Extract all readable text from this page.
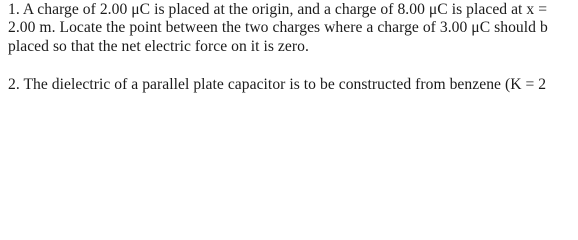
1. A charge of 2.00 μC is placed at the origin, and a charge of 8.00 μC is placed at x =
2.00 m. Locate the point between the two charges where a charge of 3.00 μC should b
placed so that the net electric force on it is zero.
2. The dielectric of a parallel plate capacitor is to be constructed from benzene (K = 2
